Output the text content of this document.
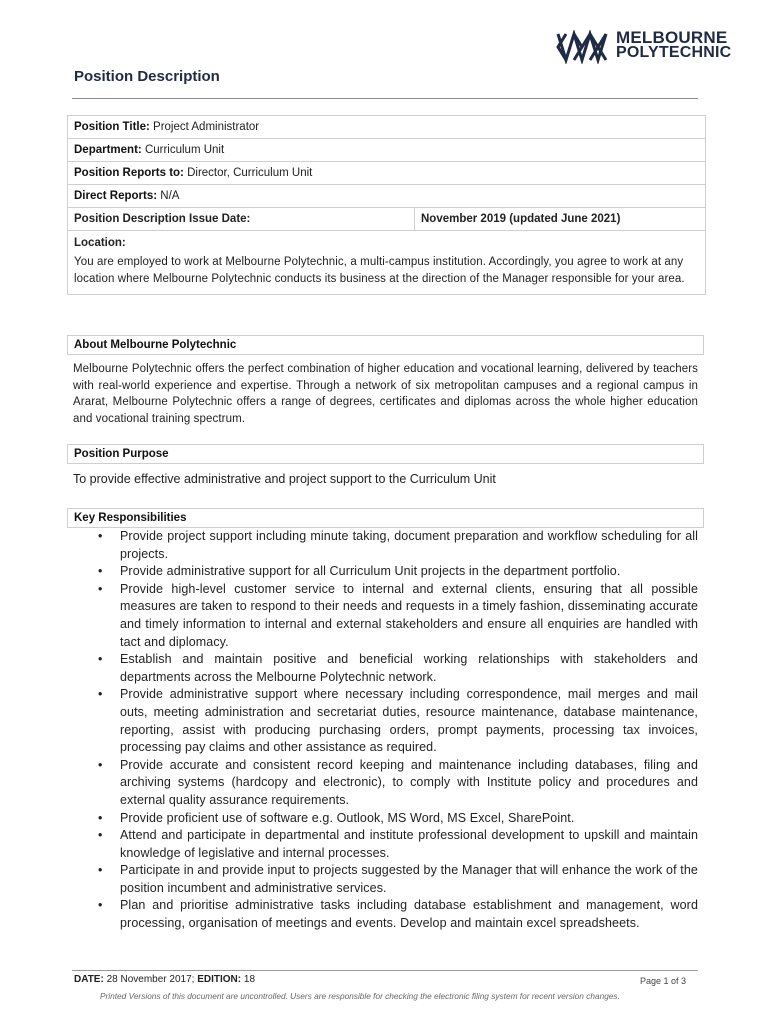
MELBOURNE
POLYTECHNIC
Position Description
Position Title: Project Administrator
Department: Curriculum Unit
Position Reports to: Director, Curriculum Unit
Direct Reports: N/A
Position Description Issue Date:	November 2019 (updated June 2021)
Location:
You are employed to work at Melbourne Polytechnic, a multi-campus institution. Accordingly, you agree to work at any location where Melbourne Polytechnic conducts its business at the direction of the Manager responsible for your area.
About Melbourne Polytechnic
Melbourne Polytechnic offers the perfect combination of higher education and vocational learning, delivered by teachers with real-world experience and expertise. Through a network of six metropolitan campuses and a regional campus in Ararat, Melbourne Polytechnic offers a range of degrees, certificates and diplomas across the whole higher education and vocational training spectrum.
Position Purpose
To provide effective administrative and project support to the Curriculum Unit
Key Responsibilities
• Provide project support including minute taking, document preparation and workflow scheduling for all projects.
• Provide administrative support for all Curriculum Unit projects in the department portfolio.
• Provide high-level customer service to internal and external clients, ensuring that all possible measures are taken to respond to their needs and requests in a timely fashion, disseminating accurate and timely information to internal and external stakeholders and ensure all enquiries are handled with tact and diplomacy.
• Establish and maintain positive and beneficial working relationships with stakeholders and departments across the Melbourne Polytechnic network.
• Provide administrative support where necessary including correspondence, mail merges and mail outs, meeting administration and secretariat duties, resource maintenance, database maintenance, reporting, assist with producing purchasing orders, prompt payments, processing tax invoices, processing pay claims and other assistance as required.
• Provide accurate and consistent record keeping and maintenance including databases, filing and archiving systems (hardcopy and electronic), to comply with Institute policy and procedures and external quality assurance requirements.
• Provide proficient use of software e.g. Outlook, MS Word, MS Excel, SharePoint.
• Attend and participate in departmental and institute professional development to upskill and maintain knowledge of legislative and internal processes.
• Participate in and provide input to projects suggested by the Manager that will enhance the work of the position incumbent and administrative services.
• Plan and prioritise administrative tasks including database establishment and management, word processing, organisation of meetings and events. Develop and maintain excel spreadsheets.
DATE: 28 November 2017; EDITION: 18	Page 1 of 3
Printed Versions of this document are uncontrolled. Users are responsible for checking the electronic filing system for recent version changes.
